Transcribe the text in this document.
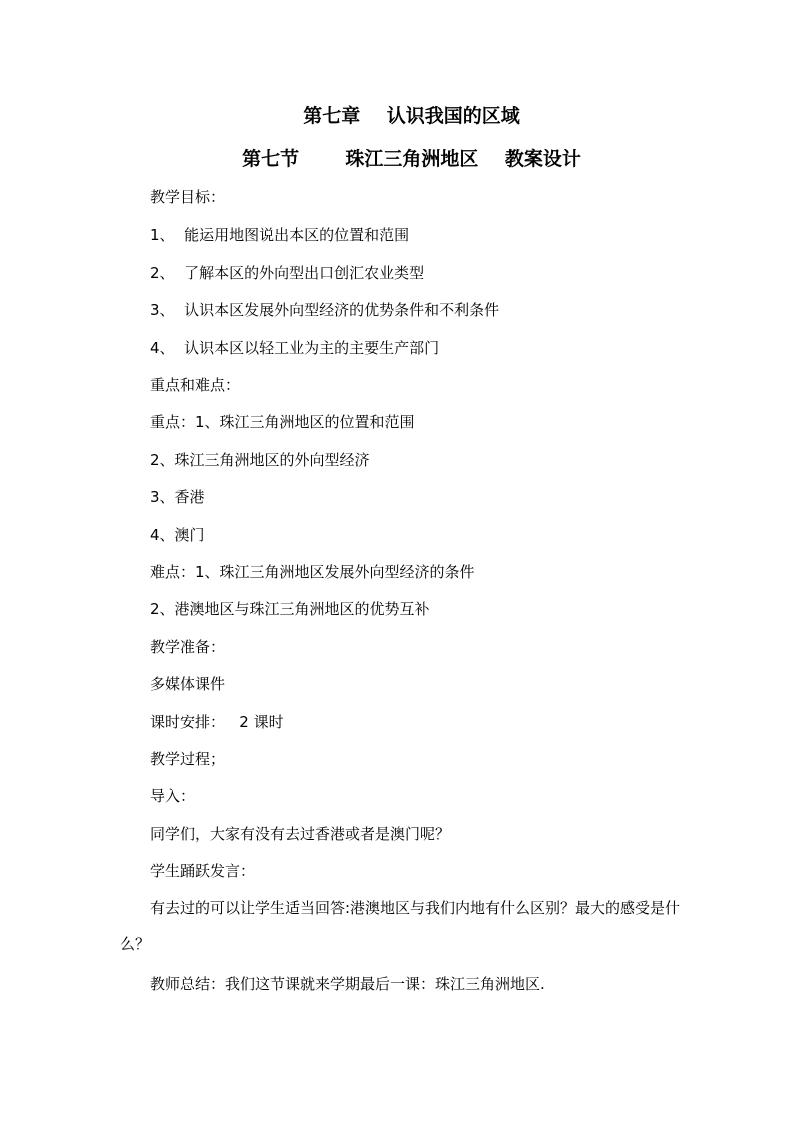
第七章    认识我国的区域
第七节       珠江三角洲地区    教案设计
教学目标：
1、  能运用地图说出本区的位置和范围
2、  了解本区的外向型出口创汇农业类型
3、  认识本区发展外向型经济的优势条件和不利条件
4、  认识本区以轻工业为主的主要生产部门
重点和难点：
重点：1、珠江三角洲地区的位置和范围
2、珠江三角洲地区的外向型经济
3、香港
4、澳门
难点：1、珠江三角洲地区发展外向型经济的条件
2、港澳地区与珠江三角洲地区的优势互补
教学准备：
多媒体课件
课时安排：   2 课时
教学过程；
导入：
同学们，大家有没有去过香港或者是澳门呢？
学生踊跃发言：
有去过的可以让学生适当回答:港澳地区与我们内地有什么区别？最大的感受是什么？
教师总结：我们这节课就来学期最后一课：珠江三角洲地区.
